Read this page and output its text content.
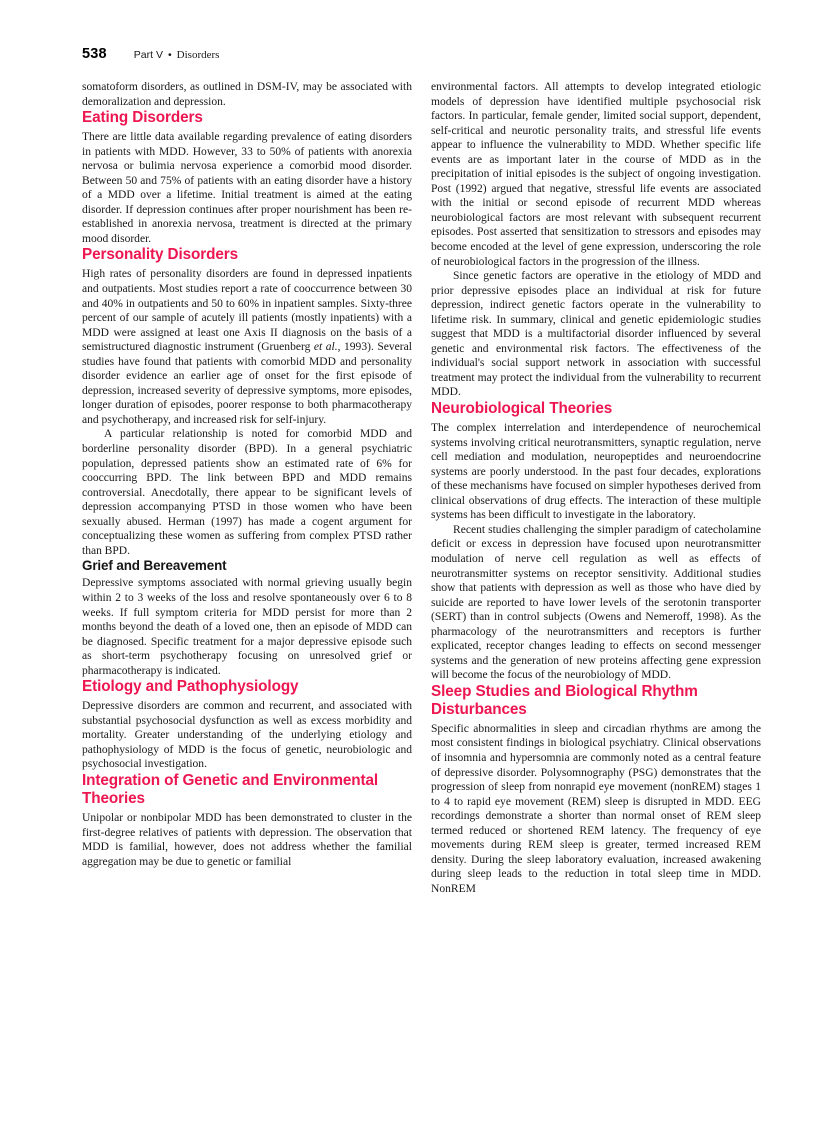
538	Part V • Disorders

somatoform disorders, as outlined in DSM-IV, may be associated with demoralization and depression.

Eating Disorders

There are little data available regarding prevalence of eating disorders in patients with MDD. However, 33 to 50% of patients with anorexia nervosa or bulimia nervosa experience a comorbid mood disorder. Between 50 and 75% of patients with an eating disorder have a history of a MDD over a lifetime. Initial treatment is aimed at the eating disorder. If depression continues after proper nourishment has been re-established in anorexia nervosa, treatment is directed at the primary mood disorder.

Personality Disorders

High rates of personality disorders are found in depressed inpatients and outpatients. Most studies report a rate of cooccurrence between 30 and 40% in outpatients and 50 to 60% in inpatient samples. Sixty-three percent of our sample of acutely ill patients (mostly inpatients) with a MDD were assigned at least one Axis II diagnosis on the basis of a semistructured diagnostic instrument (Gruenberg et al., 1993). Several studies have found that patients with comorbid MDD and personality disorder evidence an earlier age of onset for the first episode of depression, increased severity of depressive symptoms, more episodes, longer duration of episodes, poorer response to both pharmacotherapy and psychotherapy, and increased risk for self-injury.

A particular relationship is noted for comorbid MDD and borderline personality disorder (BPD). In a general psychiatric population, depressed patients show an estimated rate of 6% for cooccurring BPD. The link between BPD and MDD remains controversial. Anecdotally, there appear to be significant levels of depression accompanying PTSD in those women who have been sexually abused. Herman (1997) has made a cogent argument for conceptualizing these women as suffering from complex PTSD rather than BPD.

Grief and Bereavement

Depressive symptoms associated with normal grieving usually begin within 2 to 3 weeks of the loss and resolve spontaneously over 6 to 8 weeks. If full symptom criteria for MDD persist for more than 2 months beyond the death of a loved one, then an episode of MDD can be diagnosed. Specific treatment for a major depressive episode such as short-term psychotherapy focusing on unresolved grief or pharmacotherapy is indicated.

Etiology and Pathophysiology

Depressive disorders are common and recurrent, and associated with substantial psychosocial dysfunction as well as excess morbidity and mortality. Greater understanding of the underlying etiology and pathophysiology of MDD is the focus of genetic, neurobiologic and psychosocial investigation.

Integration of Genetic and Environmental Theories

Unipolar or nonbipolar MDD has been demonstrated to cluster in the first-degree relatives of patients with depression. The observation that MDD is familial, however, does not address whether the familial aggregation may be due to genetic or familial

environmental factors. All attempts to develop integrated etiologic models of depression have identified multiple psychosocial risk factors. In particular, female gender, limited social support, dependent, self-critical and neurotic personality traits, and stressful life events appear to influence the vulnerability to MDD. Whether specific life events are as important later in the course of MDD as in the precipitation of initial episodes is the subject of ongoing investigation. Post (1992) argued that negative, stressful life events are associated with the initial or second episode of recurrent MDD whereas neurobiological factors are most relevant with subsequent recurrent episodes. Post asserted that sensitization to stressors and episodes may become encoded at the level of gene expression, underscoring the role of neurobiological factors in the progression of the illness.

Since genetic factors are operative in the etiology of MDD and prior depressive episodes place an individual at risk for future depression, indirect genetic factors operate in the vulnerability to lifetime risk. In summary, clinical and genetic epidemiologic studies suggest that MDD is a multifactorial disorder influenced by several genetic and environmental risk factors. The effectiveness of the individual's social support network in association with successful treatment may protect the individual from the vulnerability to recurrent MDD.

Neurobiological Theories

The complex interrelation and interdependence of neurochemical systems involving critical neurotransmitters, synaptic regulation, nerve cell mediation and modulation, neuropeptides and neuroendocrine systems are poorly understood. In the past four decades, explorations of these mechanisms have focused on simpler hypotheses derived from clinical observations of drug effects. The interaction of these multiple systems has been difficult to investigate in the laboratory.

Recent studies challenging the simpler paradigm of catecholamine deficit or excess in depression have focused upon neurotransmitter modulation of nerve cell regulation as well as effects of neurotransmitter systems on receptor sensitivity. Additional studies show that patients with depression as well as those who have died by suicide are reported to have lower levels of the serotonin transporter (SERT) than in control subjects (Owens and Nemeroff, 1998). As the pharmacology of the neurotransmitters and receptors is further explicated, receptor changes leading to effects on second messenger systems and the generation of new proteins affecting gene expression will become the focus of the neurobiology of MDD.

Sleep Studies and Biological Rhythm Disturbances

Specific abnormalities in sleep and circadian rhythms are among the most consistent findings in biological psychiatry. Clinical observations of insomnia and hypersomnia are commonly noted as a central feature of depressive disorder. Polysomnography (PSG) demonstrates that the progression of sleep from nonrapid eye movement (nonREM) stages 1 to 4 to rapid eye movement (REM) sleep is disrupted in MDD. EEG recordings demonstrate a shorter than normal onset of REM sleep termed reduced or shortened REM latency. The frequency of eye movements during REM sleep is greater, termed increased REM density. During the sleep laboratory evaluation, increased awakening during sleep leads to the reduction in total sleep time in MDD. NonREM
